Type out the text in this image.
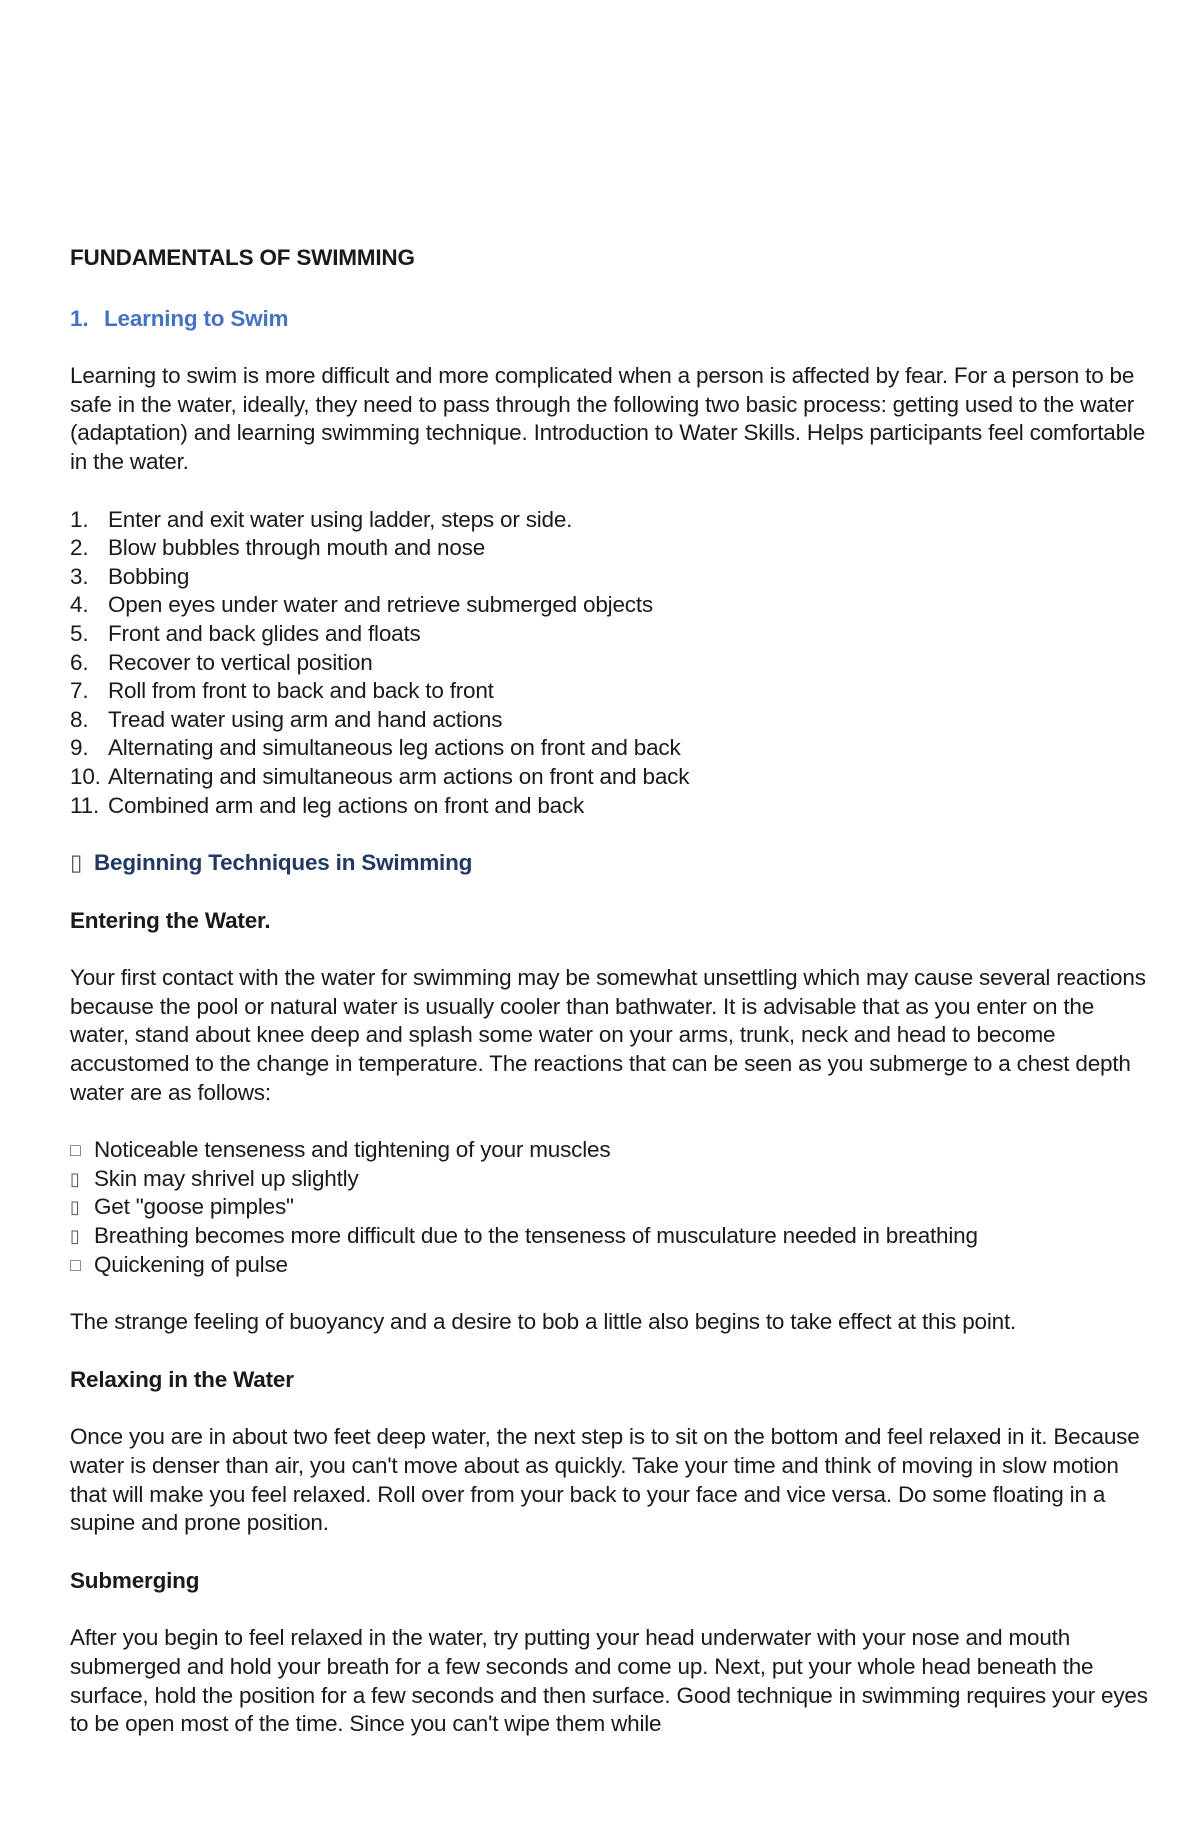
FUNDAMENTALS OF SWIMMING

1. Learning to Swim

Learning to swim is more difficult and more complicated when a person is affected by fear. For a person to be safe in the water, ideally, they need to pass through the following two basic process: getting used to the water (adaptation) and learning swimming technique. Introduction to Water Skills. Helps participants feel comfortable in the water.

1. Enter and exit water using ladder, steps or side.
2. Blow bubbles through mouth and nose
3. Bobbing
4. Open eyes under water and retrieve submerged objects
5. Front and back glides and floats
6. Recover to vertical position
7. Roll from front to back and back to front
8. Tread water using arm and hand actions
9. Alternating and simultaneous leg actions on front and back
10. Alternating and simultaneous arm actions on front and back
11. Combined arm and leg actions on front and back

▯ Beginning Techniques in Swimming

Entering the Water.

Your first contact with the water for swimming may be somewhat unsettling which may cause several reactions because the pool or natural water is usually cooler than bathwater. It is advisable that as you enter on the water, stand about knee deep and splash some water on your arms, trunk, neck and head to become accustomed to the change in temperature. The reactions that can be seen as you submerge to a chest depth water are as follows:

□ Noticeable tenseness and tightening of your muscles
▯ Skin may shrivel up slightly
▯ Get "goose pimples"
▯ Breathing becomes more difficult due to the tenseness of musculature needed in breathing
□ Quickening of pulse

The strange feeling of buoyancy and a desire to bob a little also begins to take effect at this point.

Relaxing in the Water

Once you are in about two feet deep water, the next step is to sit on the bottom and feel relaxed in it. Because water is denser than air, you can't move about as quickly. Take your time and think of moving in slow motion that will make you feel relaxed. Roll over from your back to your face and vice versa. Do some floating in a supine and prone position.

Submerging

After you begin to feel relaxed in the water, try putting your head underwater with your nose and mouth submerged and hold your breath for a few seconds and come up. Next, put your whole head beneath the surface, hold the position for a few seconds and then surface. Good technique in swimming requires your eyes to be open most of the time. Since you can't wipe them while
